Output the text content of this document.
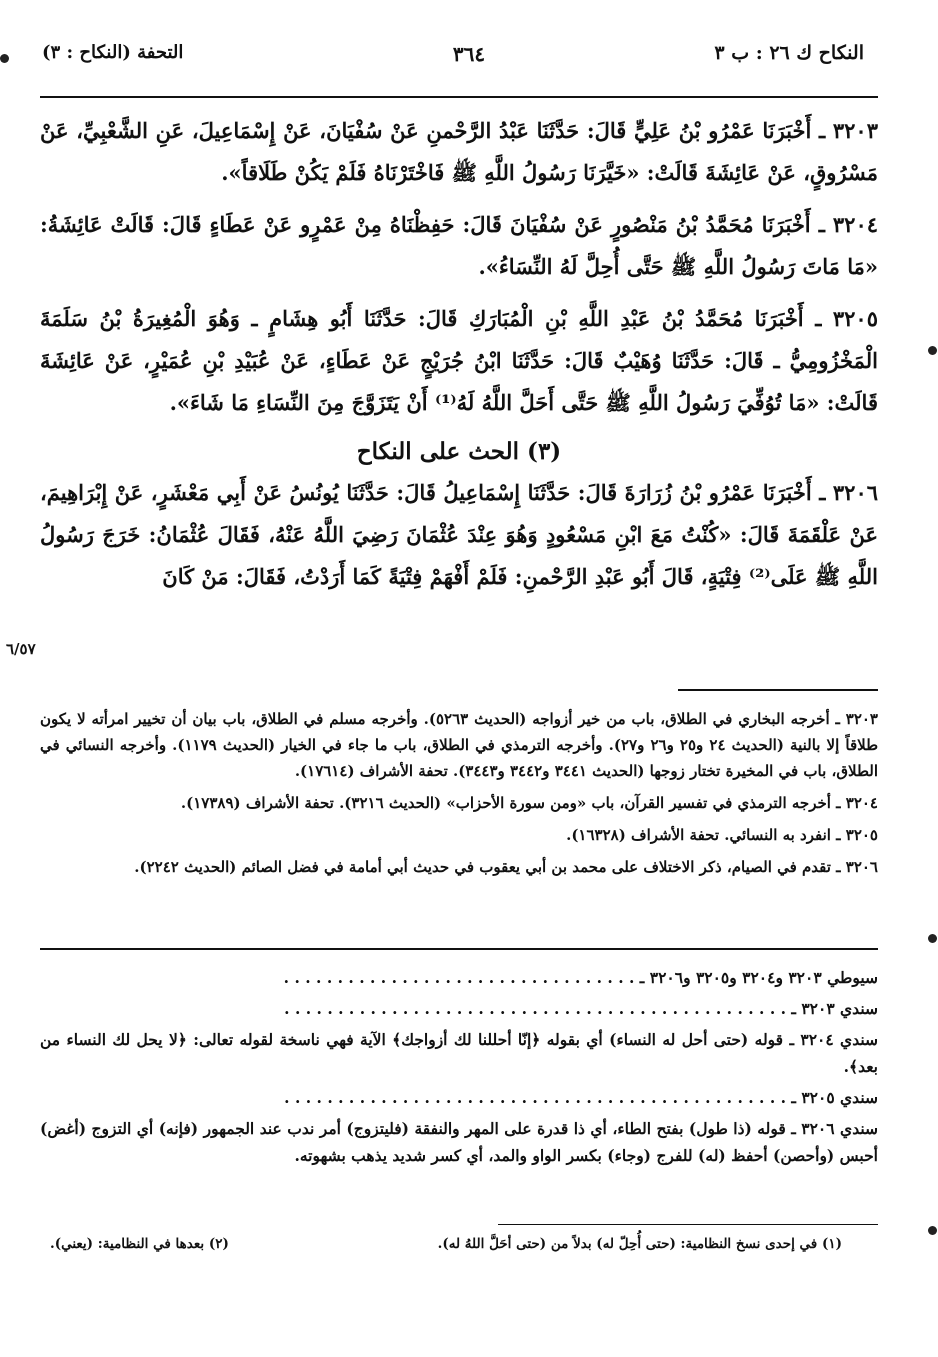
النكاح ك ٢٦ : ب ٣
٣٦٤
التحفة (النكاح : ٣)

٣٢٠٣ ـ أَخْبَرَنَا عَمْرُو بْنُ عَلِيٍّ قَالَ: حَدَّثَنَا عَبْدُ الرَّحْمنِ عَنْ سُفْيَانَ، عَنْ إِسْمَاعِيلَ، عَنِ الشَّعْبِيِّ، عَنْ مَسْرُوقٍ، عَنْ عَائِشَةَ قَالَتْ: «خَيَّرَنَا رَسُولُ اللَّهِ ﷺ فَاخْتَرْنَاهُ فَلَمْ يَكُنْ طَلَاقاً».

٣٢٠٤ ـ أَخْبَرَنَا مُحَمَّدُ بْنُ مَنْصُورٍ عَنْ سُفْيَانَ قَالَ: حَفِظْنَاهُ مِنْ عَمْرٍو عَنْ عَطَاءٍ قَالَ: قَالَتْ عَائِشَةُ: «مَا مَاتَ رَسُولُ اللَّهِ ﷺ حَتَّى أُحِلَّ لَهُ النِّسَاءُ».

٣٢٠٥ ـ أَخْبَرَنَا مُحَمَّدُ بْنُ عَبْدِ اللَّهِ بْنِ الْمُبَارَكِ قَالَ: حَدَّثَنَا أَبُو هِشَامٍ ـ وَهُوَ الْمُغِيرَةُ بْنُ سَلَمَةَ الْمَخْزُومِيُّ ـ قَالَ: حَدَّثَنَا وُهَيْبٌ قَالَ: حَدَّثَنَا ابْنُ جُرَيْجٍ عَنْ عَطَاءٍ، عَنْ عُبَيْدِ بْنِ عُمَيْرٍ، عَنْ عَائِشَةَ قَالَتْ: «مَا تُوُفِّيَ رَسُولُ اللَّهِ ﷺ حَتَّى أَحَلَّ اللَّهُ لَهُ⁽¹⁾ أَنْ يَتَزَوَّجَ مِنَ النِّسَاءِ مَا شَاءَ».

(٣) الحث على النكاح

٣٢٠٦ ـ أَخْبَرَنَا عَمْرُو بْنُ زُرَارَةَ قَالَ: حَدَّثَنَا إِسْمَاعِيلُ قَالَ: حَدَّثَنَا يُونُسُ عَنْ أَبِي مَعْشَرٍ، عَنْ إِبْرَاهِيمَ، عَنْ عَلْقَمَةَ قَالَ: «كُنْتُ مَعَ ابْنِ مَسْعُودٍ وَهُوَ عِنْدَ عُثْمَانَ رَضِيَ اللَّهُ عَنْهُ، فَقَالَ عُثْمَانُ: خَرَجَ رَسُولُ اللَّهِ ﷺ عَلَى⁽²⁾ فِتْيَةٍ، قَالَ أَبُو عَبْدِ الرَّحْمنِ: فَلَمْ أَفْهَمْ فِتْيَةً كَمَا أَرَدْتُ، فَقَالَ: مَنْ كَانَ

٦/٥٧

٣٢٠٣ ـ أخرجه البخاري في الطلاق، باب من خير أزواجه (الحديث ٥٢٦٣). وأخرجه مسلم في الطلاق، باب بيان أن تخيير امرأته لا يكون طلاقاً إلا بالنية (الحديث ٢٤ و٢٥ و٢٦ و٢٧). وأخرجه الترمذي في الطلاق، باب ما جاء في الخيار (الحديث ١١٧٩). وأخرجه النسائي في الطلاق، باب في المخيرة تختار زوجها (الحديث ٣٤٤١ و٣٤٤٢ و٣٤٤٣). تحفة الأشراف (١٧٦١٤).

٣٢٠٤ ـ أخرجه الترمذي في تفسير القرآن، باب «ومن سورة الأحزاب» (الحديث ٣٢١٦). تحفة الأشراف (١٧٣٨٩).

٣٢٠٥ ـ انفرد به النسائي. تحفة الأشراف (١٦٣٢٨).

٣٢٠٦ ـ تقدم في الصيام، ذكر الاختلاف على محمد بن أبي يعقوب في حديث أبي أمامة في فضل الصائم (الحديث ٢٢٤٢).

سيوطي ٣٢٠٣ و٣٢٠٤ و٣٢٠٥ و٣٢٠٦ ـ . . . . . . . . . . . . . . . . . . . . . . . . . . . . . . . . .

سندي ٣٢٠٣ ـ . . . . . . . . . . . . . . . . . . . . . . . . . . . . . . . . . . . . . . . . . . . . . . .

سندي ٣٢٠٤ ـ قوله (حتى أحل له النساء) أي بقوله ﴿إنّا أحللنا لك أزواجك﴾ الآية فهي ناسخة لقوله تعالى: ﴿لا يحل لك النساء من بعد﴾.

سندي ٣٢٠٥ ـ . . . . . . . . . . . . . . . . . . . . . . . . . . . . . . . . . . . . . . . . . . . . . . .

سندي ٣٢٠٦ ـ قوله (ذا طول) بفتح الطاء، أي ذا قدرة على المهر والنفقة (فليتزوج) أمر ندب عند الجمهور (فإنه) أي التزوج (أغض) أحبس (وأحصن) أحفظ (له) للفرج (وجاء) بكسر الواو والمد، أي كسر شديد يذهب بشهوته.

(١) في إحدى نسخ النظامية: (حتى أُحِلّ له) بدلاً من (حتى أحَلَّ اللهُ له).
(٢) بعدها في النظامية: (يعني).
